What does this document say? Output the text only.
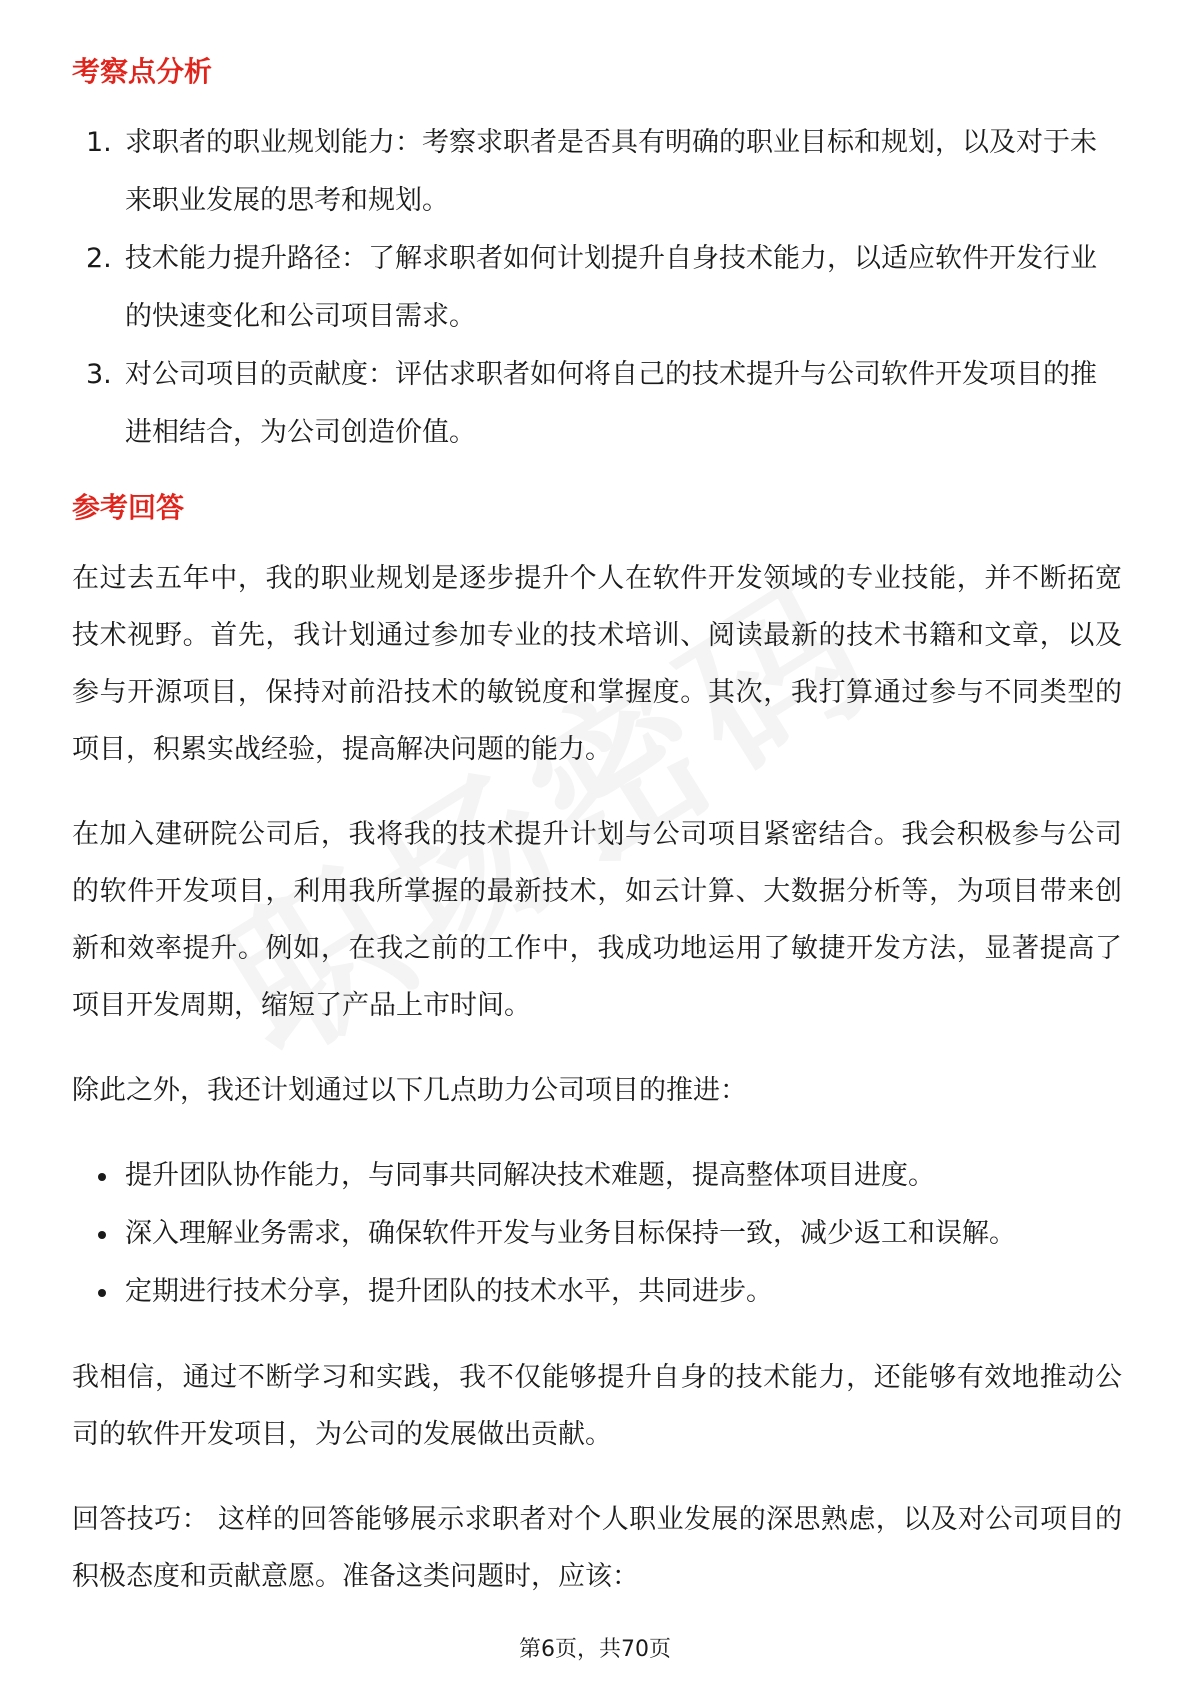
考察点分析
1. 求职者的职业规划能力：考察求职者是否具有明确的职业目标和规划，以及对于未来职业发展的思考和规划。
2. 技术能力提升路径：了解求职者如何计划提升自身技术能力，以适应软件开发行业的快速变化和公司项目需求。
3. 对公司项目的贡献度：评估求职者如何将自己的技术提升与公司软件开发项目的推进相结合，为公司创造价值。
参考回答

在过去五年中，我的职业规划是逐步提升个人在软件开发领域的专业技能，并不断拓宽技术视野。首先，我计划通过参加专业的技术培训、阅读最新的技术书籍和文章，以及参与开源项目，保持对前沿技术的敏锐度和掌握度。其次，我打算通过参与不同类型的项目，积累实战经验，提高解决问题的能力。

在加入建研院公司后，我将我的技术提升计划与公司项目紧密结合。我会积极参与公司的软件开发项目，利用我所掌握的最新技术，如云计算、大数据分析等，为项目带来创新和效率提升。例如，在我之前的工作中，我成功地运用了敏捷开发方法，显著提高了项目开发周期，缩短了产品上市时间。

除此之外，我还计划通过以下几点助力公司项目的推进：

提升团队协作能力，与同事共同解决技术难题，提高整体项目进度。
深入理解业务需求，确保软件开发与业务目标保持一致，减少返工和误解。
定期进行技术分享，提升团队的技术水平，共同进步。

我相信，通过不断学习和实践，我不仅能够提升自身的技术能力，还能够有效地推动公司的软件开发项目，为公司的发展做出贡献。

回答技巧： 这样的回答能够展示求职者对个人职业发展的深思熟虑，以及对公司项目的积极态度和贡献意愿。准备这类问题时，应该：

第6页，共70页
